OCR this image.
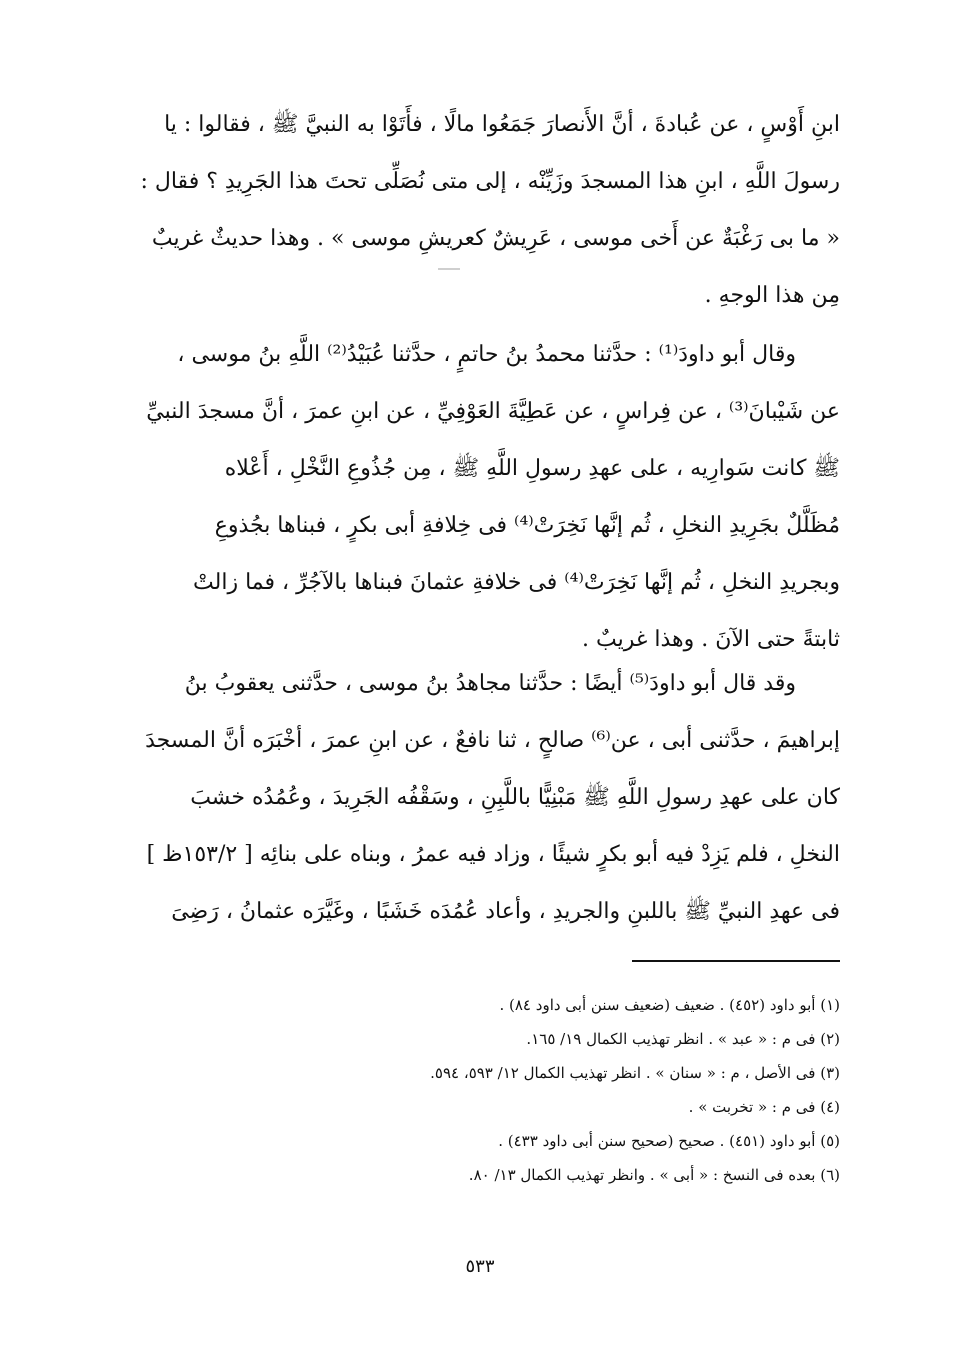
ابنِ أَوْسٍ ، عن عُبادةَ ، أنَّ الأَنصارَ جَمَعُوا مالًا ، فأَتَوْا به النبيَّ ﷺ ، فقالوا : يا
رسولَ اللَّهِ ، ابنِ هذا المسجدَ وزَيِّنْه ، إلى متى نُصَلِّى تحتَ هذا الجَرِيدِ ؟ فقال :
« ما بى رَغْبَةٌ عن أَخى موسى ، عَرِيشٌ كعريشِ موسى » . وهذا حديثٌ غريبٌ
مِن هذا الوجهِ .
وقال أبو داودَ⁽¹⁾ : حدَّثنا محمدُ بنُ حاتمٍ ، حدَّثنا عُبَيْدُ⁽²⁾ اللَّهِ بنُ موسى ،
عن شَيْبانَ⁽³⁾ ، عن فِراسٍ ، عن عَطِيَّةَ العَوْفِيِّ ، عن ابنِ عمرَ ، أنَّ مسجدَ النبيِّ
ﷺ كانت سَوارِيه ، على عهدِ رسولِ اللَّهِ ﷺ ، مِن جُذُوعِ النَّخْلِ ، أَعْلاه
مُظَلَّلٌ بجَرِيدِ النخلِ ، ثُم إنَّها نَخِرَتْ⁽⁴⁾ فى خِلافةِ أبى بكرٍ ، فبناها بجُذوعِ
وبجريدِ النخلِ ، ثُم إنَّها نَخِرَتْ⁽⁴⁾ فى خلافةِ عثمانَ فبناها بالآجُرِّ ، فما زالتْ
ثابتةً حتى الآنَ . وهذا غريبٌ .
وقد قال أبو داودَ⁽⁵⁾ أيضًا : حدَّثنا مجاهدُ بنُ موسى ، حدَّثنى يعقوبُ بنُ
إبراهيمَ ، حدَّثنى أبى ، عن⁽⁶⁾ صالحٍ ، ثنا نافعٌ ، عن ابنِ عمرَ ، أخْبَرَه أنَّ المسجدَ
كان على عهدِ رسولِ اللَّهِ ﷺ مَبْنِيًّا باللَّبِنِ ، وسَقْفُه الجَرِيدَ ، وعُمُدُه خشبَ
النخلِ ، فلم يَزِدْ فيه أبو بكرٍ شيئًا ، وزاد فيه عمرُ ، وبناه على بنائِه [ ١٥٣/٢ظ ]
فى عهدِ النبيِّ ﷺ باللبنِ والجريدِ ، وأعاد عُمُدَه خَشَبًا ، وغَيَّرَه عثمانُ ، رَضِىَ
(١) أبو داود (٤٥٢) . ضعيف (ضعيف سنن أبى داود ٨٤) .
(٢) فى م : « عبد » . انظر تهذيب الكمال ١٩/ ١٦٥.
(٣) فى الأصل ، م : « سنان » . انظر تهذيب الكمال ١٢/ ٥٩٣، ٥٩٤.
(٤) فى م : « تخربت » .
(٥) أبو داود (٤٥١) . صحيح (صحيح سنن أبى داود ٤٣٣) .
(٦) بعده فى النسخ : « أبى » . وانظر تهذيب الكمال ١٣/ ٨٠.
٥٣٣
